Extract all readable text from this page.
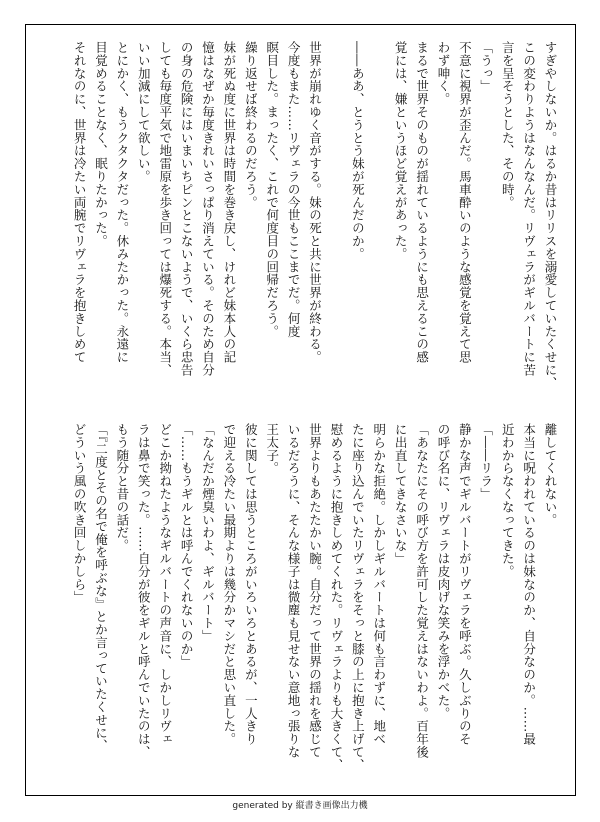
すぎやしないか。はるか昔はリリスを溺愛していたくせに、
この変わりようはなんなんだ。リヴェラがギルバートに苦
言を呈そうとした、その時。
「うっ」
不意に視界が歪んだ。馬車酔いのような感覚を覚えて思
わず呻く。
まるで世界そのものが揺れているようにも思えるこの感
覚には、嫌というほど覚えがあった。

――ああ、とうとう妹が死んだのか。

世界が崩れゆく音がする。妹の死と共に世界が終わる。
今度もまた……リヴェラの今世もここまでだ。何度
瞑目した。まったく、これで何度目の回帰だろう。
繰り返せば終わるのだろう。
妹が死ぬ度に世界は時間を巻き戻し、けれど妹本人の記
憶はなぜか毎度きれいさっぱり消えている。そのため自分
の身の危険にはいまいちピンとこないようで、いくら忠告
しても毎度平気で地雷原を歩き回っては爆死する。本当、
いい加減にして欲しい。
とにかく、もうクタクタだった。休みたかった。永遠に
目覚めることなく、眠りたかった。
それなのに、世界は冷たい両腕でリヴェラを抱きしめて
離してくれない。
本当に呪われているのは妹なのか、自分なのか。……最
近わからなくなってきた。
「――リラ」
静かな声でギルバートがリヴェラを呼ぶ。久しぶりのそ
の呼び名に、リヴェラは皮肉げな笑みを浮かべた。
「あなたにその呼び方を許可した覚えはないわよ。百年後
に出直してきなさいな」
明らかな拒絶。しかしギルバートは何も言わずに、地べ
たに座り込んでいたリヴェラをそっと膝の上に抱き上げて、
慰めるように抱きしめてくれた。リヴェラよりも大きくて、
世界よりもあたたかい腕。自分だって世界の揺れを感じて
いるだろうに、そんな様子は微塵も見せない意地っ張りな
王太子。
彼に関しては思うところがいろいろとあるが、一人きり
で迎える冷たい最期よりは幾分かマシだと思い直した。
「なんだか煙臭いわよ、ギルバート」
「……もうギルとは呼んでくれないのか」
どこか拗ねたようなギルバートの声音に、しかしリヴェ
ラは鼻で笑った。……自分が彼をギルと呼んでいたのは、
もう随分と昔の話だ。
「『二度とその名で俺を呼ぶな』とか言っていたくせに、
どういう風の吹き回しかしら」
generated by 縦書き画像出力機
